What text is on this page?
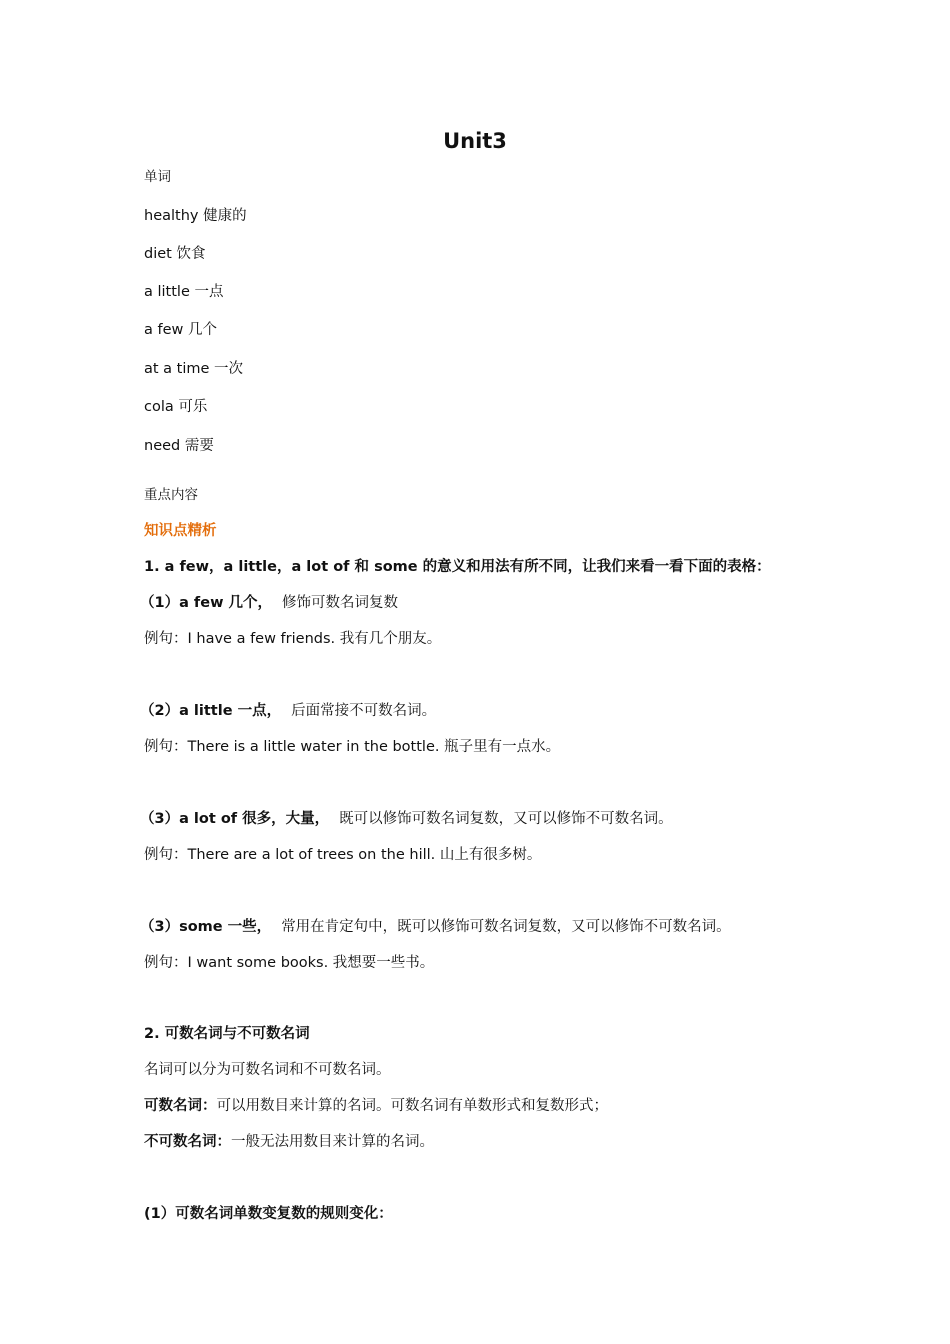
Unit3
单词
healthy 健康的
diet 饮食
a little 一点
a few 几个
at a time 一次
cola 可乐
need 需要
重点内容
知识点精析
1. a few，a little，a lot of 和 some 的意义和用法有所不同，让我们来看一看下面的表格：
（1）a few 几个， 修饰可数名词复数
例句：I have a few friends. 我有几个朋友。
（2）a little 一点， 后面常接不可数名词。
例句：There is a little water in the bottle. 瓶子里有一点水。
（3）a lot of 很多，大量， 既可以修饰可数名词复数，又可以修饰不可数名词。
例句：There are a lot of trees on the hill. 山上有很多树。
（3）some 一些， 常用在肯定句中，既可以修饰可数名词复数，又可以修饰不可数名词。
例句：I want some books. 我想要一些书。
2. 可数名词与不可数名词
名词可以分为可数名词和不可数名词。
可数名词：可以用数目来计算的名词。可数名词有单数形式和复数形式；
不可数名词：一般无法用数目来计算的名词。
(1）可数名词单数变复数的规则变化：
